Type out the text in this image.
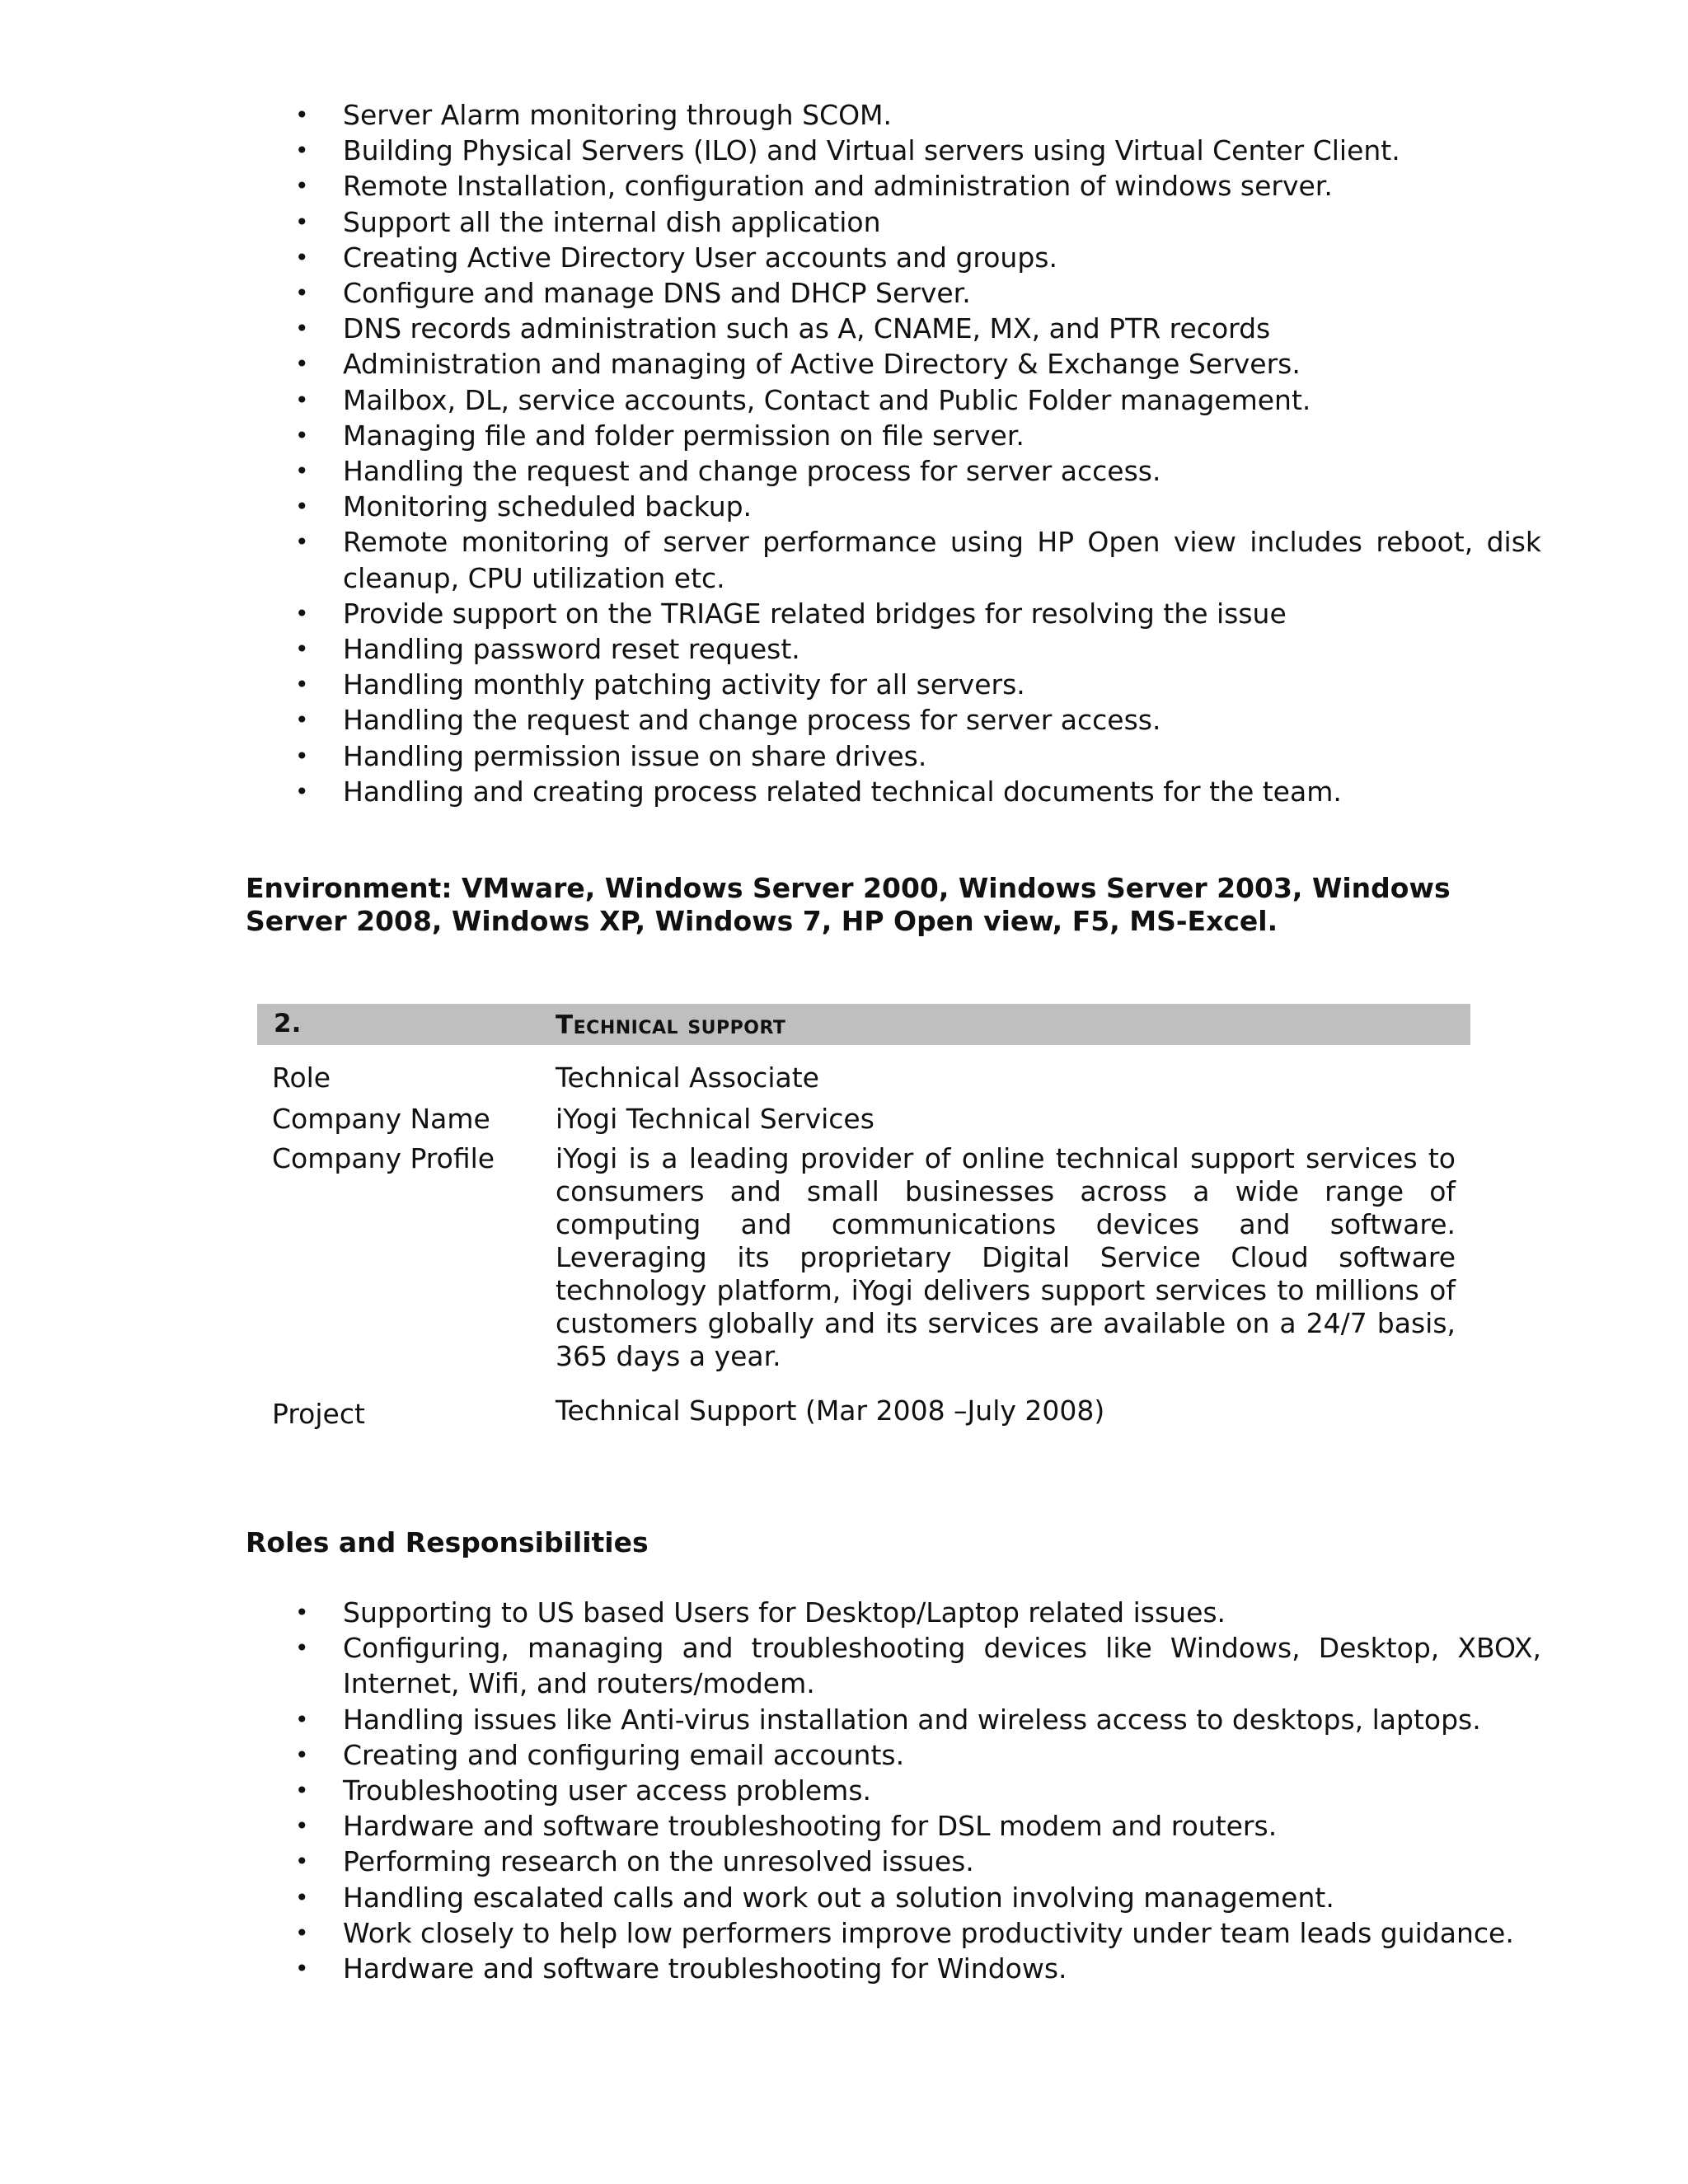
•	Server Alarm monitoring through SCOM.
•	Building Physical Servers (ILO) and Virtual servers using Virtual Center Client.
•	Remote Installation, configuration and administration of windows server.
•	Support all the internal dish application
•	Creating Active Directory User accounts and groups.
•	Configure and manage DNS and DHCP Server.
•	DNS records administration such as A, CNAME, MX, and PTR records
•	Administration and managing of Active Directory & Exchange Servers.
•	Mailbox, DL, service accounts, Contact and Public Folder management.
•	Managing file and folder permission on file server.
•	Handling the request and change process for server access.
•	Monitoring scheduled backup.
•	Remote monitoring of server performance using HP Open view includes reboot, disk cleanup, CPU utilization etc.
•	Provide support on the TRIAGE related bridges for resolving the issue
•	Handling password reset request.
•	Handling monthly patching activity for all servers.
•	Handling the request and change process for server access.
•	Handling permission issue on share drives.
•	Handling and creating process related technical documents for the team.
Environment: VMware, Windows Server 2000, Windows Server 2003, Windows
Server 2008, Windows XP, Windows 7, HP Open view, F5, MS-Excel.
2.	Technical support
Role	Technical Associate
Company Name	iYogi Technical Services
Company Profile	iYogi is a leading provider of online technical support services to consumers and small businesses across a wide range of computing and communications devices and software. Leveraging its proprietary Digital Service Cloud software technology platform, iYogi delivers support services to millions of customers globally and its services are available on a 24/7 basis, 365 days a year.
Project	Technical Support (Mar 2008 –July 2008)
Roles and Responsibilities
•	Supporting to US based Users for Desktop/Laptop related issues.
•	Configuring, managing and troubleshooting devices like Windows, Desktop, XBOX, Internet, Wifi, and routers/modem.
•	Handling issues like Anti-virus installation and wireless access to desktops, laptops.
•	Creating and configuring email accounts.
•	Troubleshooting user access problems.
•	Hardware and software troubleshooting for DSL modem and routers.
•	Performing research on the unresolved issues.
•	Handling escalated calls and work out a solution involving management.
•	Work closely to help low performers improve productivity under team leads guidance.
•	Hardware and software troubleshooting for Windows.
